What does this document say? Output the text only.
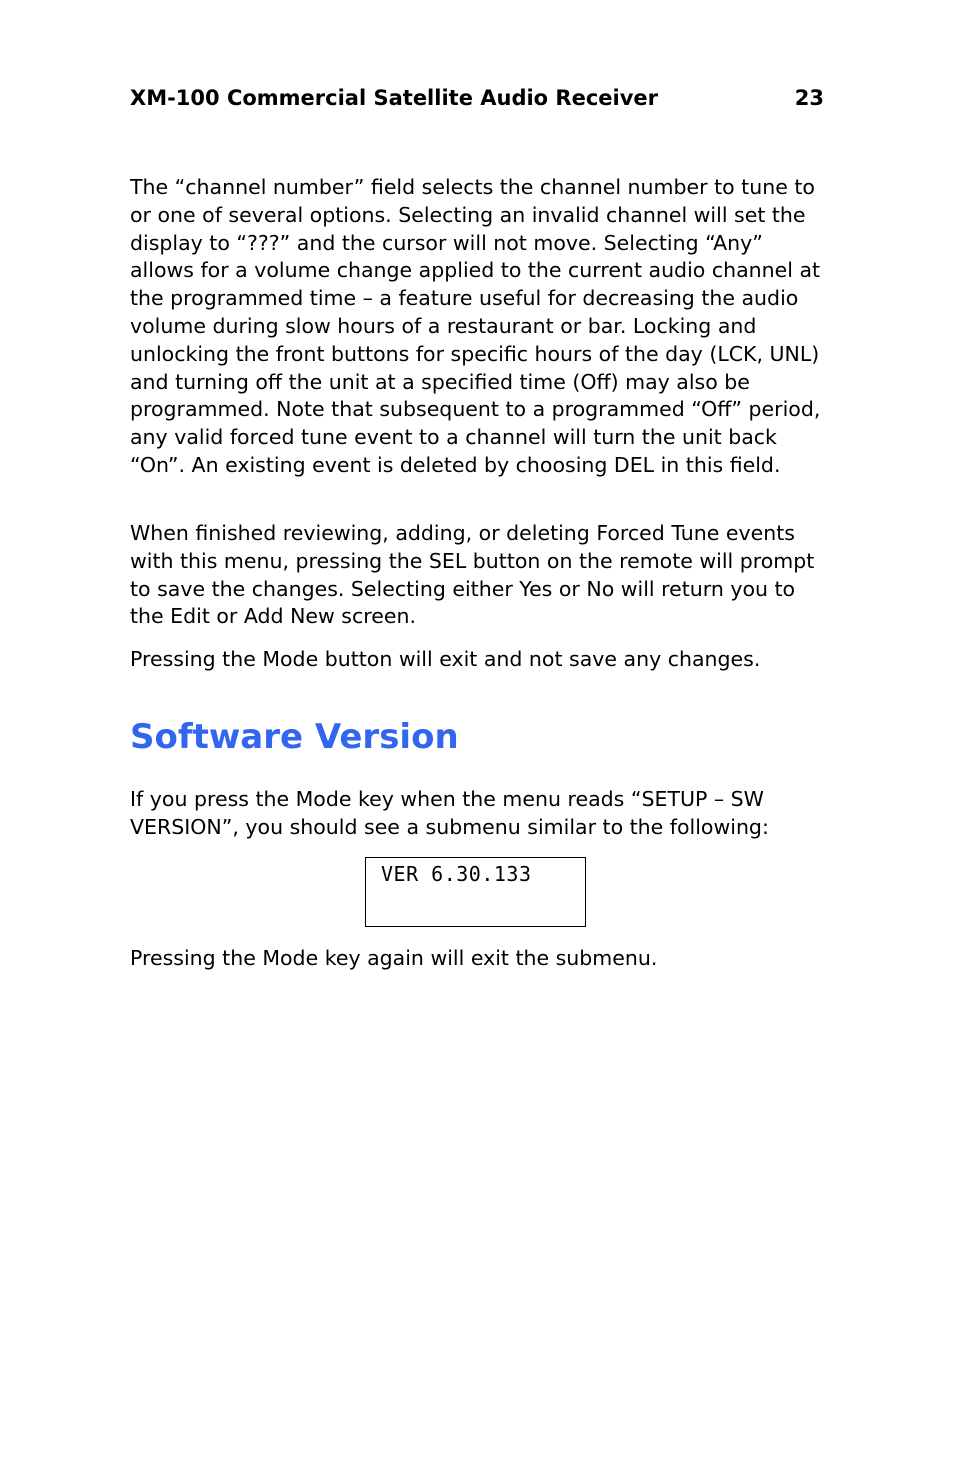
XM-100 Commercial Satellite Audio Receiver	23

The “channel number” field selects the channel number to tune to or one of several options. Selecting an invalid channel will set the display to “???” and the cursor will not move. Selecting “Any” allows for a volume change applied to the current audio channel at the programmed time – a feature useful for decreasing the audio volume during slow hours of a restaurant or bar. Locking and unlocking the front buttons for specific hours of the day (LCK, UNL) and turning off the unit at a specified time (Off) may also be programmed. Note that subsequent to a programmed “Off” period, any valid forced tune event to a channel will turn the unit back “On”. An existing event is deleted by choosing DEL in this field.

When finished reviewing, adding, or deleting Forced Tune events with this menu, pressing the SEL button on the remote will prompt to save the changes. Selecting either Yes or No will return you to the Edit or Add New screen.

Pressing the Mode button will exit and not save any changes.

Software Version

If you press the Mode key when the menu reads “SETUP – SW VERSION”, you should see a submenu similar to the following:

VER 6.30.133

Pressing the Mode key again will exit the submenu.
